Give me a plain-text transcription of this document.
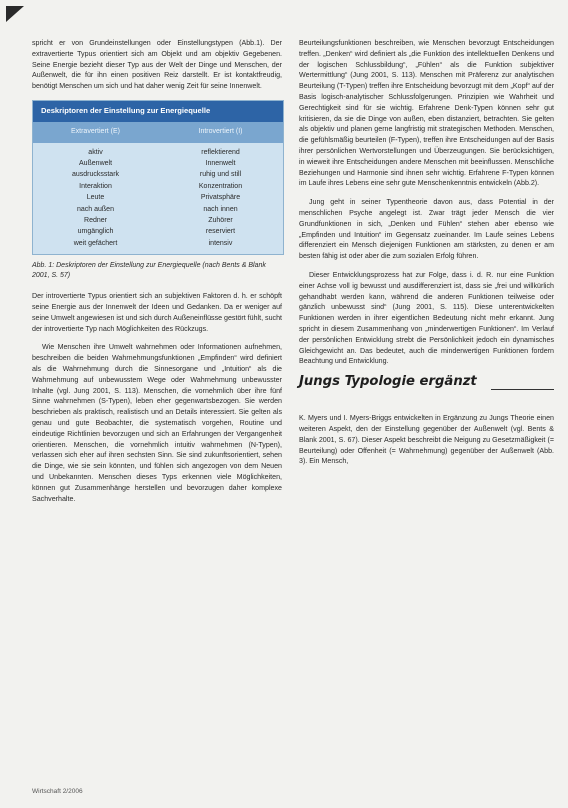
spricht er von Grundeinstellungen oder Einstellungstypen (Abb.1). Der extravertierte Typus orientiert sich am Objekt und am objektiv Gegebenen. Seine Energie bezieht dieser Typ aus der Welt der Dinge und Menschen, der Außenwelt, die für ihn einen positiven Reiz darstellt. Er ist kontaktfreudig, benötigt Menschen um sich und hat daher wenig Zeit für seine Innenwelt.

Deskriptoren der Einstellung zur Energiequelle
Extravertiert (E)	Introvertiert (I)
aktiv	reflektierend
Außenwelt	Innenwelt
ausdrucksstark	ruhig und still
Interaktion	Konzentration
Leute	Privatsphäre
nach außen	nach innen
Redner	Zuhörer
umgänglich	reserviert
weit gefächert	intensiv
Abb. 1: Deskriptoren der Einstellung zur Energiequelle (nach Bents & Blank 2001, S. 57)

Der introvertierte Typus orientiert sich an subjektiven Faktoren d. h. er schöpft seine Energie aus der Innenwelt der Ideen und Gedanken. Da er weniger auf seine Umwelt angewiesen ist und sich durch Außeneinflüsse gestört fühlt, sucht der introvertierte Typ nach Möglichkeiten des Rückzugs.

Wie Menschen ihre Umwelt wahrnehmen oder Informationen aufnehmen, beschreiben die beiden Wahrnehmungsfunktionen „Empfinden“ wird definiert als die Wahrnehmung durch die Sinnesorgane und „Intuition“ als die Wahrnehmung auf unbewusstem Wege oder Wahrnehmung unbewusster Inhalte (vgl. Jung 2001, S. 113). Menschen, die vornehmlich über ihre fünf Sinne wahrnehmen (S-Typen), leben eher gegenwartsbezogen. Sie werden beschrieben als praktisch, realistisch und an Details interessiert. Sie gelten als genau und gute Beobachter, die systematisch vorgehen, Routine und eindeutige Richtlinien bevorzugen und sich an Erfahrungen der Vergangenheit orientieren. Menschen, die vornehmlich intuitiv wahrnehmen (N-Typen), verlassen sich eher auf ihren sechsten Sinn. Sie sind zukunftsorientiert, sehen die Dinge, wie sie sein könnten, und fühlen sich angezogen von dem Neuen und Unbekannten. Menschen dieses Typs erkennen viele Möglichkeiten, können gut Zusammenhänge herstellen und bevorzugen daher komplexe Sachverhalte.

Beurteilungsfunktionen beschreiben, wie Menschen bevorzugt Entscheidungen treffen. „Denken“ wird definiert als „die Funktion des intellektuellen Denkens und der logischen Schlussbildung“, „Fühlen“ als die Funktion subjektiver Wertermittlung“ (Jung 2001, S. 113). Menschen mit Präferenz zur analytischen Beurteilung (T-Typen) treffen ihre Entscheidung bevorzugt mit dem „Kopf“ auf der Basis logisch-analytischer Schlussfolgerungen. Prinzipien wie Wahrheit und Gerechtigkeit sind für sie wichtig. Erfahrene Denk-Typen können sehr gut kritisieren, da sie die Dinge von außen, eben distanziert, betrachten. Sie gelten als objektiv und planen gerne langfristig mit strategischen Methoden. Menschen, die gefühlsmäßig beurteilen (F-Typen), treffen ihre Entscheidungen auf der Basis ihrer persönlichen Wertvorstellungen und Überzeugungen. Sie berücksichtigen, in wieweit ihre Entscheidungen andere Menschen mit beeinflussen. Menschliche Beziehungen und Harmonie sind ihnen sehr wichtig. Erfahrene F-Typen können im Laufe ihres Lebens eine sehr gute Menschenkenntnis entwickeln (Abb.2).

Jung geht in seiner Typentheorie davon aus, dass Potential in der menschlichen Psyche angelegt ist. Zwar trägt jeder Mensch die vier Grundfunktionen in sich, „Denken und Fühlen“ stehen aber ebenso wie „Empfinden und Intuition“ im Gegensatz zueinander. Im Laufe seines Lebens differenziert ein Mensch diejenigen Funktionen am stärksten, zu denen er am besten fähig ist oder aber die zum sozialen Erfolg führen.

Dieser Entwicklungsprozess hat zur Folge, dass i. d. R. nur eine Funktion einer Achse voll ig bewusst und ausdifferenziert ist, dass sie „frei und willkürlich gehandhabt werden kann, während die anderen Funktionen teilweise oder gänzlich unbewusst sind“ (Jung 2001, S. 115). Diese unterentwickelten Funktionen werden in ihrer eigentlichen Bedeutung nicht mehr erkannt. Jung spricht in diesem Zusammenhang von „minderwertigen Funktionen“. Im Verlauf der persönlichen Entwicklung strebt die Persönlichkeit jedoch ein dynamisches Gleichgewicht an. Das bedeutet, auch die minderwertigen Funktionen fordern Beachtung und Entwicklung.

Jungs Typologie ergänzt

K. Myers und I. Myers-Briggs entwickelten in Ergänzung zu Jungs Theorie einen weiteren Aspekt, den der Einstellung gegenüber der Außenwelt (vgl. Bents & Blank 2001, S. 67). Dieser Aspekt beschreibt die Neigung zu Gesetzmäßigkeit (= Beurteilung) oder Offenheit (= Wahrnehmung) gegenüber der Außenwelt (Abb. 3). Ein Mensch,

Wirtschaft 2/2006
